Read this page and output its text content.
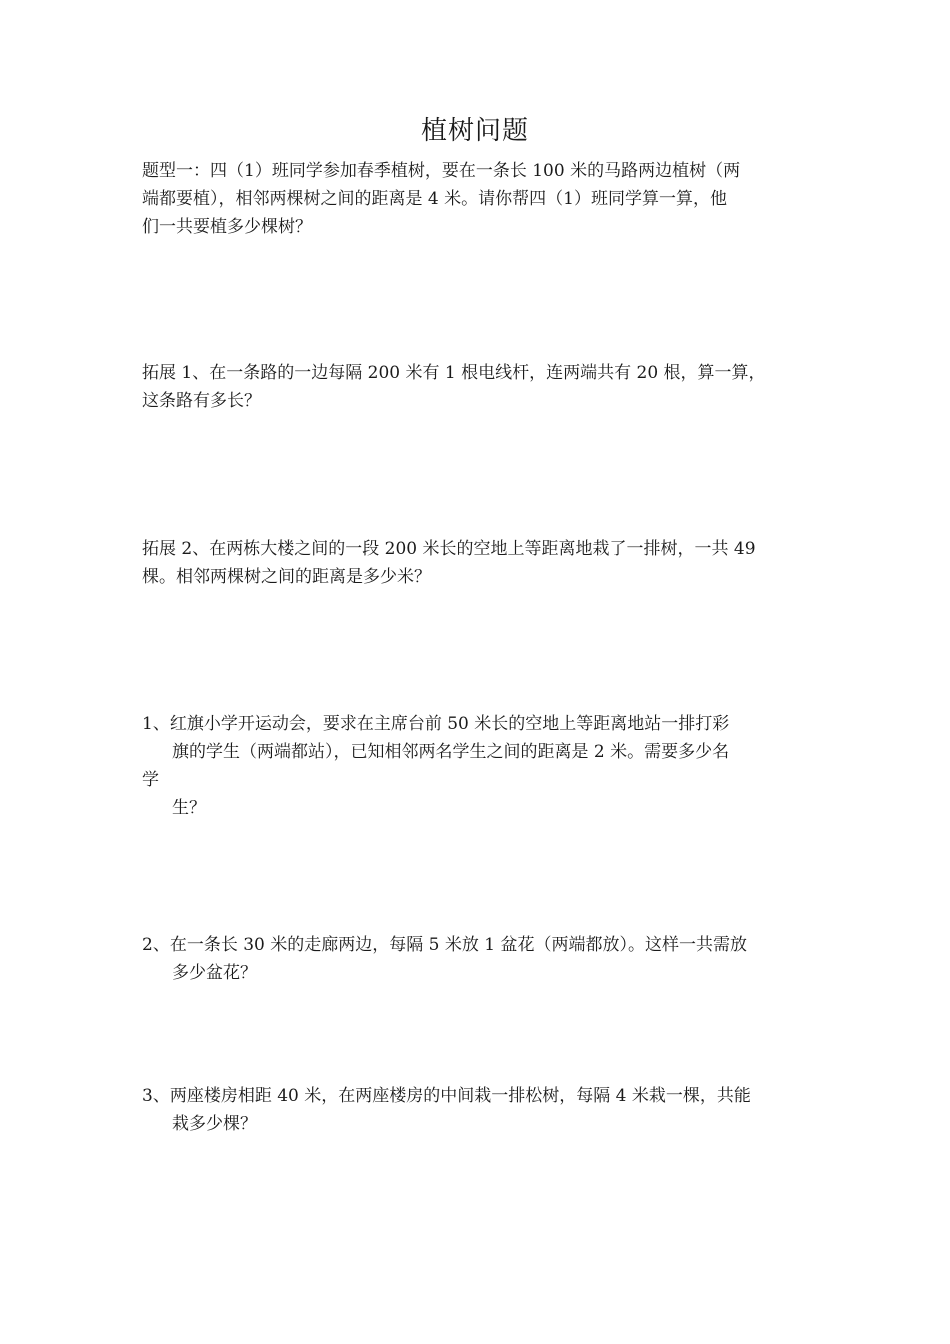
植树问题
题型一：四（1）班同学参加春季植树，要在一条长 100 米的马路两边植树（两
端都要植），相邻两棵树之间的距离是 4 米。请你帮四（1）班同学算一算，他
们一共要植多少棵树？
拓展 1、在一条路的一边每隔 200 米有 1 根电线杆，连两端共有 20 根，算一算，
这条路有多长？
拓展 2、在两栋大楼之间的一段 200 米长的空地上等距离地栽了一排树，一共 49
棵。相邻两棵树之间的距离是多少米？
1、红旗小学开运动会，要求在主席台前 50 米长的空地上等距离地站一排打彩
旗的学生（两端都站），已知相邻两名学生之间的距离是 2 米。需要多少名
学
生？
2、在一条长 30 米的走廊两边，每隔 5 米放 1 盆花（两端都放）。这样一共需放
多少盆花？
3、两座楼房相距 40 米，在两座楼房的中间栽一排松树，每隔 4 米栽一棵，共能
栽多少棵？
